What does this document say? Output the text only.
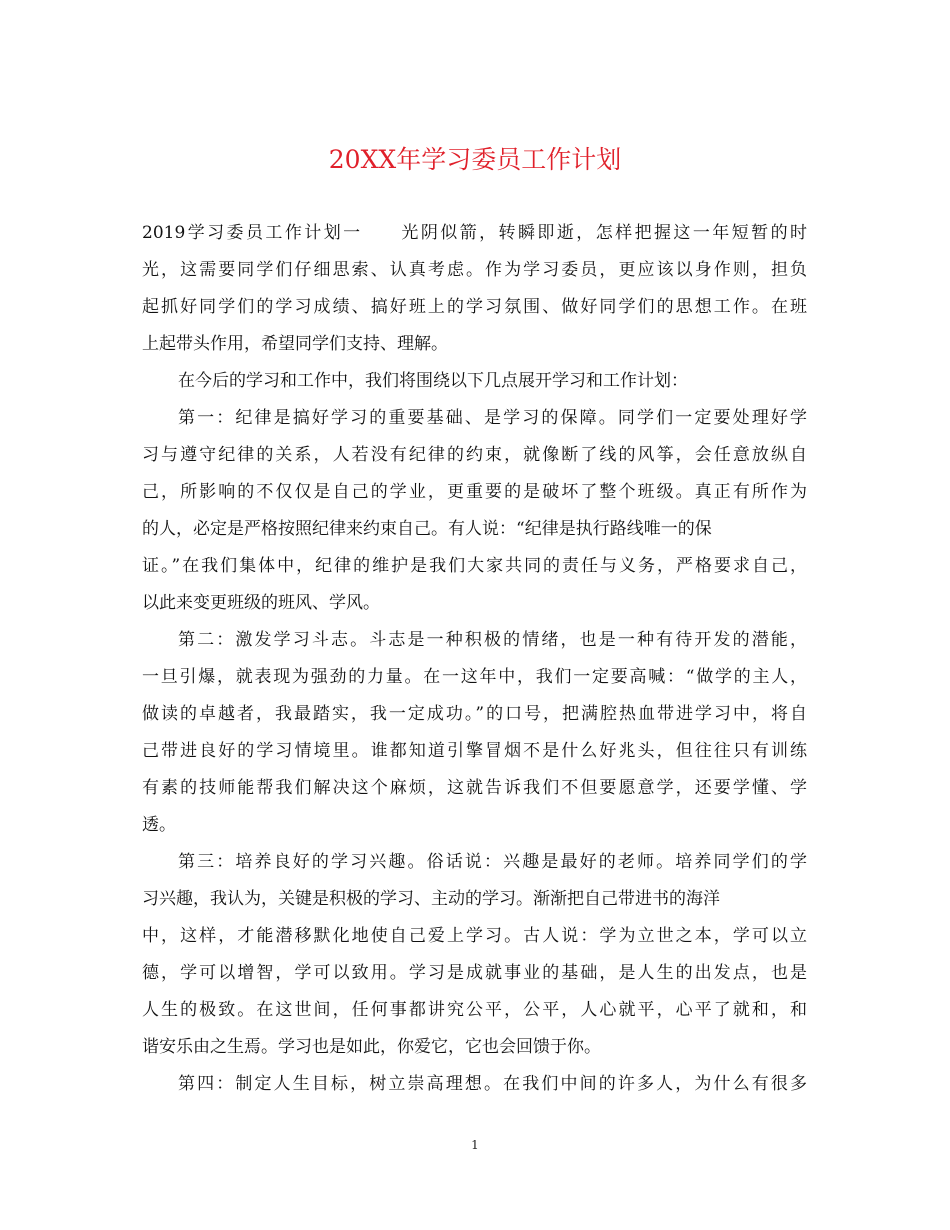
20XX年学习委员工作计划
2019学习委员工作计划一　　光阴似箭，转瞬即逝，怎样把握这一年短暂的时
光，这需要同学们仔细思索、认真考虑。作为学习委员，更应该以身作则，担负
起抓好同学们的学习成绩、搞好班上的学习氛围、做好同学们的思想工作。在班
上起带头作用，希望同学们支持、理解。
在今后的学习和工作中，我们将围绕以下几点展开学习和工作计划：
第一：纪律是搞好学习的重要基础、是学习的保障。同学们一定要处理好学
习与遵守纪律的关系，人若没有纪律的约束，就像断了线的风筝，会任意放纵自
己，所影响的不仅仅是自己的学业，更重要的是破坏了整个班级。真正有所作为
的人，必定是严格按照纪律来约束自己。有人说：“纪律是执行路线唯一的保
证。”在我们集体中，纪律的维护是我们大家共同的责任与义务，严格要求自己，
以此来变更班级的班风、学风。
第二：激发学习斗志。斗志是一种积极的情绪，也是一种有待开发的潜能，
一旦引爆，就表现为强劲的力量。在一这年中，我们一定要高喊：“做学的主人，
做读的卓越者，我最踏实，我一定成功。”的口号，把满腔热血带进学习中，将自
己带进良好的学习情境里。谁都知道引擎冒烟不是什么好兆头，但往往只有训练
有素的技师能帮我们解决这个麻烦，这就告诉我们不但要愿意学，还要学懂、学
透。
第三：培养良好的学习兴趣。俗话说：兴趣是最好的老师。培养同学们的学
习兴趣，我认为，关键是积极的学习、主动的学习。渐渐把自己带进书的海洋
中，这样，才能潜移默化地使自己爱上学习。古人说：学为立世之本，学可以立
德，学可以增智，学可以致用。学习是成就事业的基础，是人生的出发点，也是
人生的极致。在这世间，任何事都讲究公平，公平，人心就平，心平了就和，和
谐安乐由之生焉。学习也是如此，你爱它，它也会回馈于你。
第四：制定人生目标，树立崇高理想。在我们中间的许多人，为什么有很多
1
